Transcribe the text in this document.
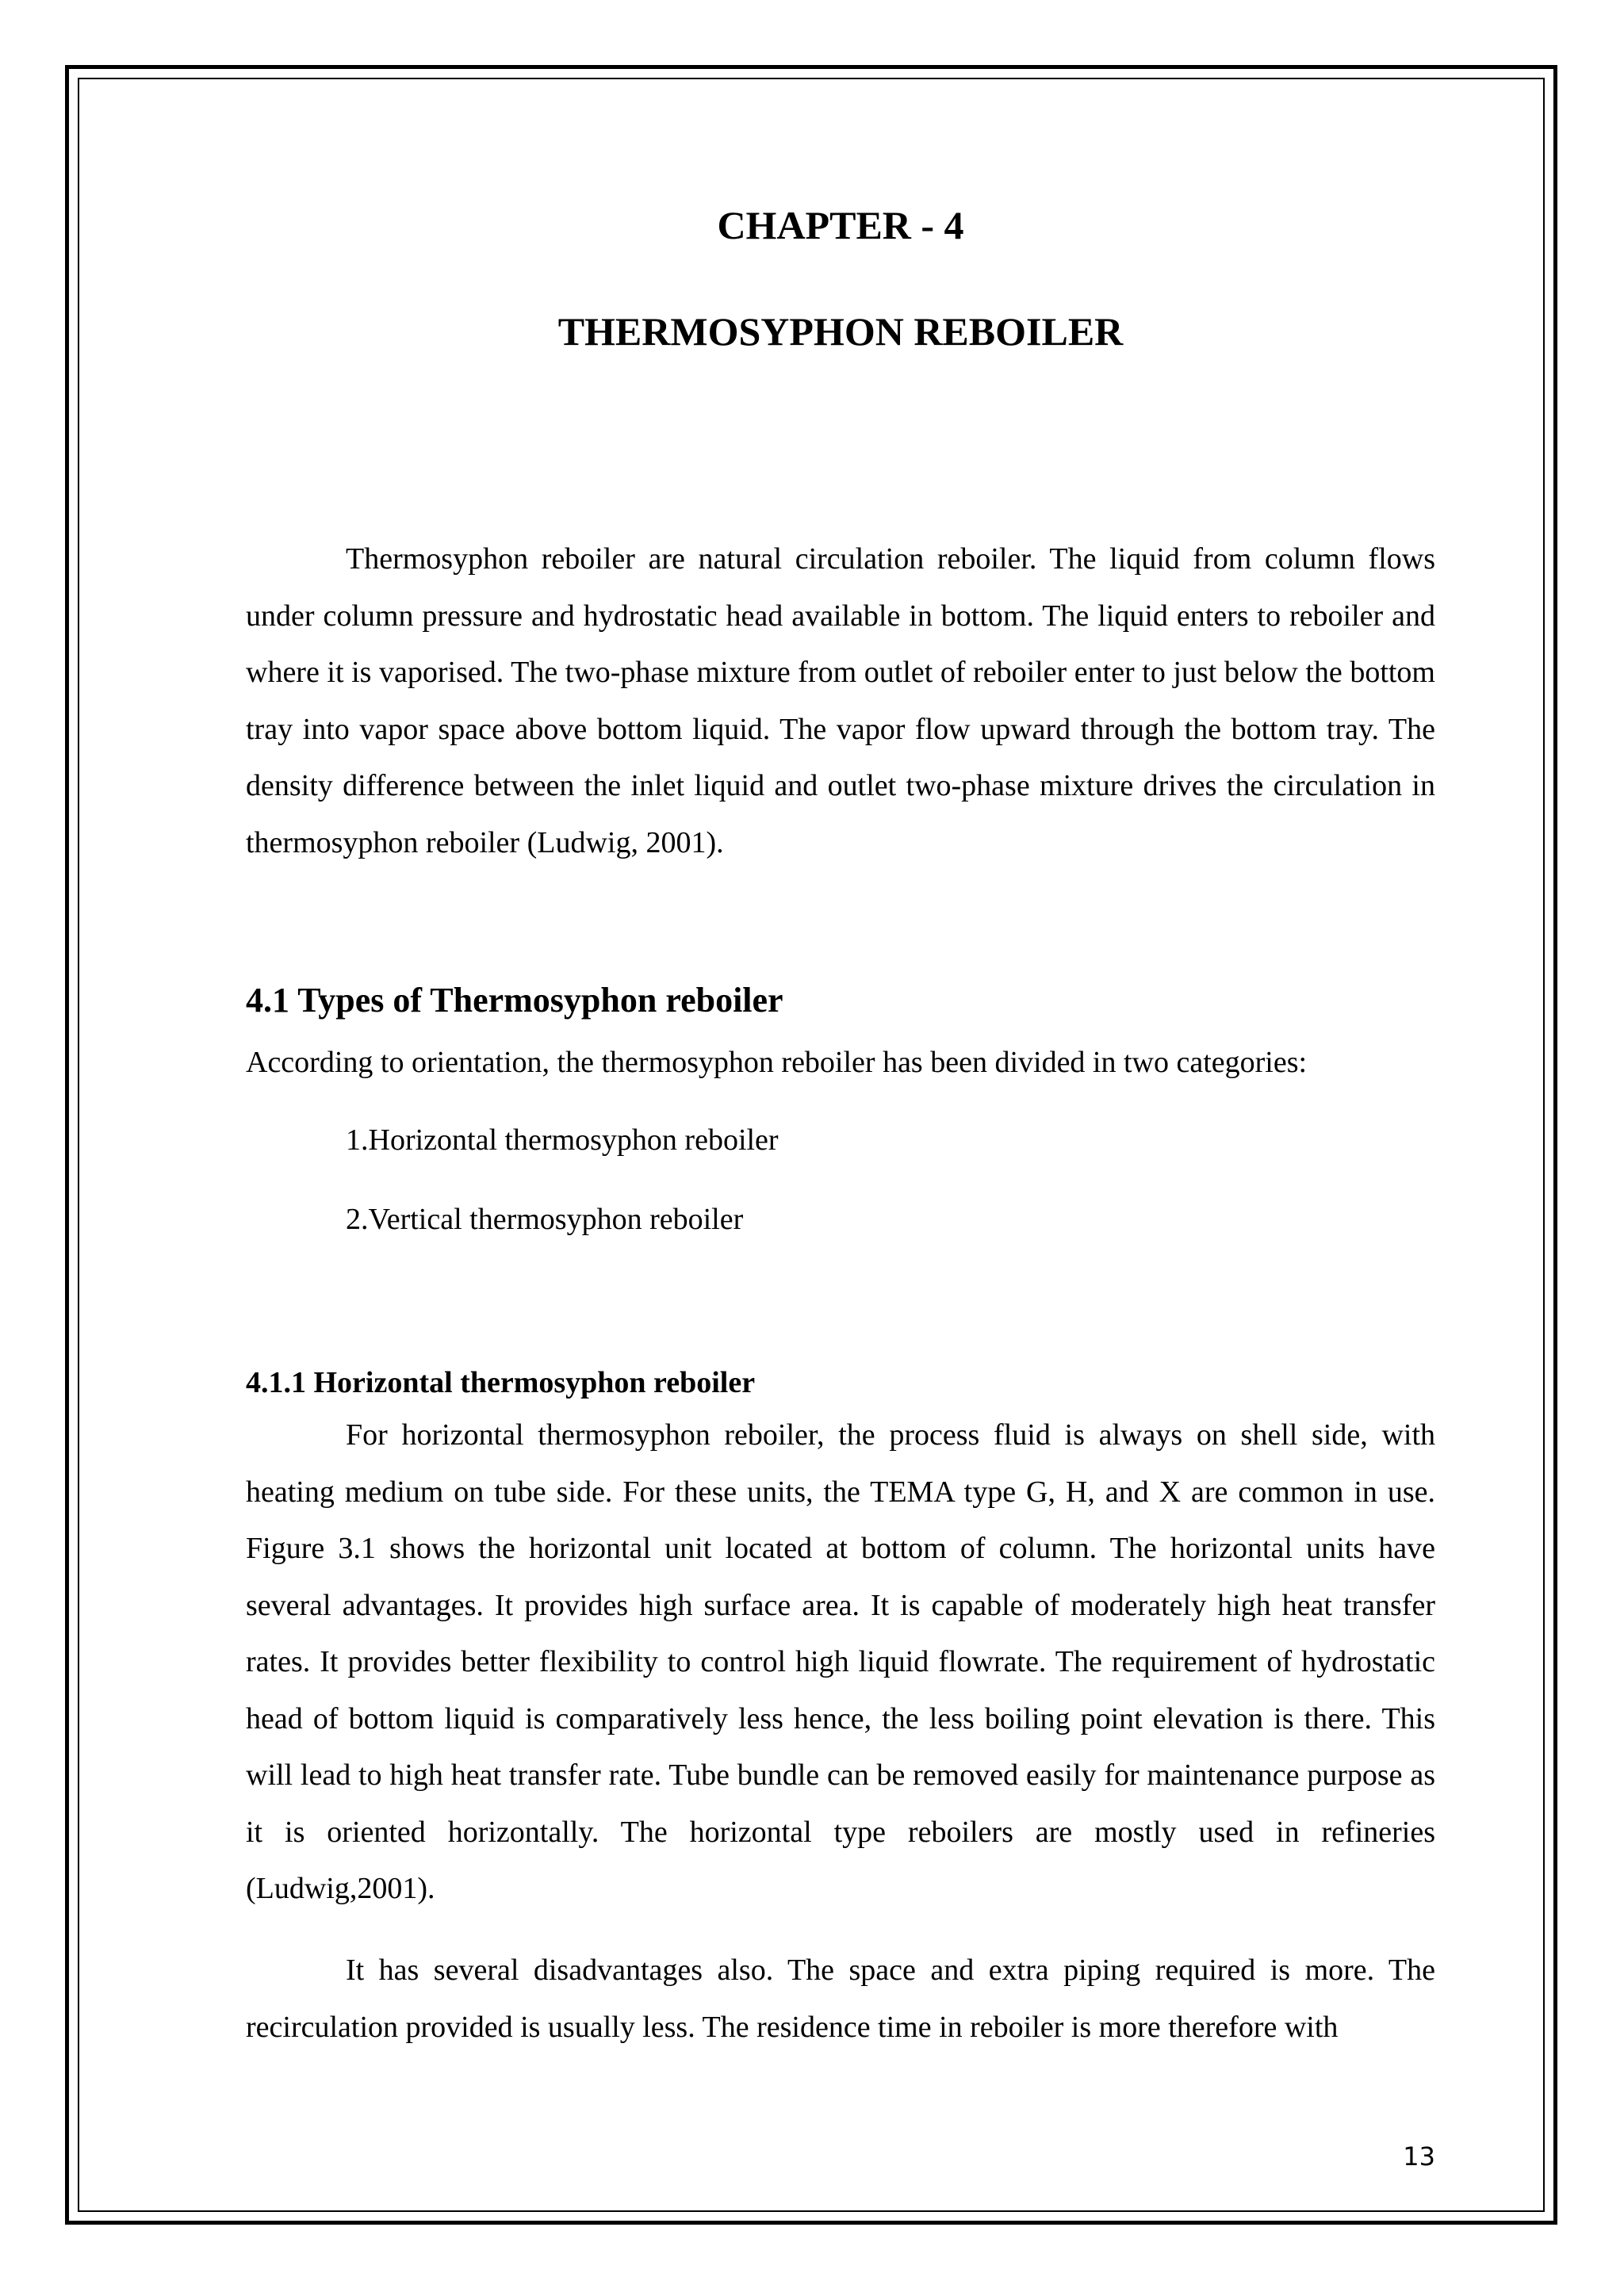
CHAPTER - 4
THERMOSYPHON REBOILER

Thermosyphon reboiler are natural circulation reboiler. The liquid from column flows under column pressure and hydrostatic head available in bottom. The liquid enters to reboiler and where it is vaporised. The two-phase mixture from outlet of reboiler enter to just below the bottom tray into vapor space above bottom liquid. The vapor flow upward through the bottom tray. The density difference between the inlet liquid and outlet two-phase mixture drives the circulation in thermosyphon reboiler (Ludwig, 2001).

4.1 Types of Thermosyphon reboiler

According to orientation, the thermosyphon reboiler has been divided in two categories:

1.Horizontal thermosyphon reboiler

2.Vertical thermosyphon reboiler

4.1.1 Horizontal thermosyphon reboiler

For horizontal thermosyphon reboiler, the process fluid is always on shell side, with heating medium on tube side. For these units, the TEMA type G, H, and X are common in use. Figure 3.1 shows the horizontal unit located at bottom of column. The horizontal units have several advantages. It provides high surface area. It is capable of moderately high heat transfer rates. It provides better flexibility to control high liquid flowrate. The requirement of hydrostatic head of bottom liquid is comparatively less hence, the less boiling point elevation is there. This will lead to high heat transfer rate. Tube bundle can be removed easily for maintenance purpose as it is oriented horizontally. The horizontal type reboilers are mostly used in refineries (Ludwig,2001).

It has several disadvantages also. The space and extra piping required is more. The recirculation provided is usually less. The residence time in reboiler is more therefore with

13
